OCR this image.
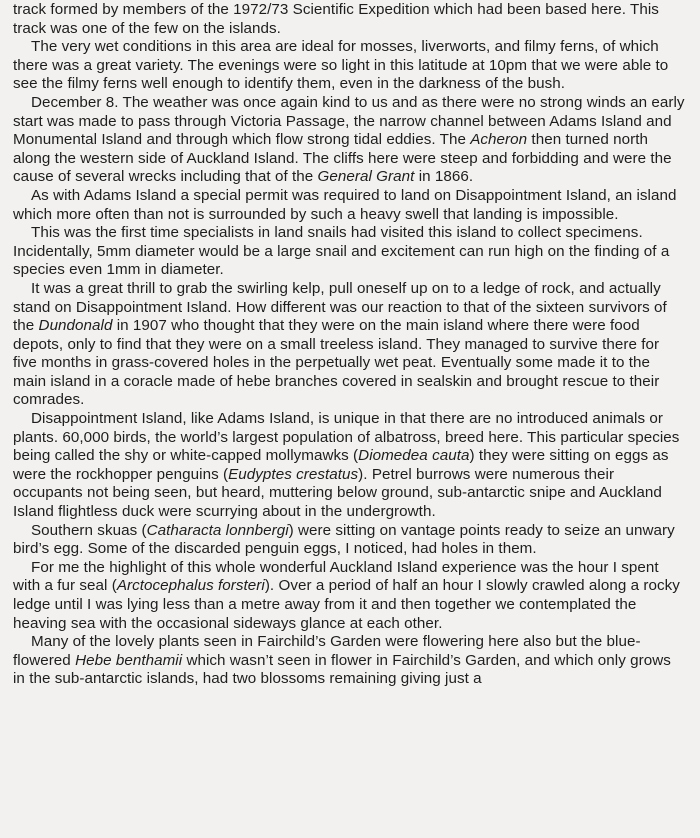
track formed by members of the 1972/73 Scientific Expedition which had been based here. This track was one of the few on the islands.

The very wet conditions in this area are ideal for mosses, liverworts, and filmy ferns, of which there was a great variety. The evenings were so light in this latitude at 10pm that we were able to see the filmy ferns well enough to identify them, even in the darkness of the bush.

December 8. The weather was once again kind to us and as there were no strong winds an early start was made to pass through Victoria Passage, the narrow channel between Adams Island and Monumental Island and through which flow strong tidal eddies. The Acheron then turned north along the western side of Auckland Island. The cliffs here were steep and forbidding and were the cause of several wrecks including that of the General Grant in 1866.

As with Adams Island a special permit was required to land on Disappointment Island, an island which more often than not is surrounded by such a heavy swell that landing is impossible.

This was the first time specialists in land snails had visited this island to collect specimens. Incidentally, 5mm diameter would be a large snail and excitement can run high on the finding of a species even 1mm in diameter.

It was a great thrill to grab the swirling kelp, pull oneself up on to a ledge of rock, and actually stand on Disappointment Island. How different was our reaction to that of the sixteen survivors of the Dundonald in 1907 who thought that they were on the main island where there were food depots, only to find that they were on a small treeless island. They managed to survive there for five months in grass-covered holes in the perpetually wet peat. Eventually some made it to the main island in a coracle made of hebe branches covered in sealskin and brought rescue to their comrades.

Disappointment Island, like Adams Island, is unique in that there are no introduced animals or plants. 60,000 birds, the world’s largest population of albatross, breed here. This particular species being called the shy or white-capped mollymawks (Diomedea cauta) they were sitting on eggs as were the rockhopper penguins (Eudyptes crestatus). Petrel burrows were numerous their occupants not being seen, but heard, muttering below ground, sub-antarctic snipe and Auckland Island flightless duck were scurrying about in the undergrowth.

Southern skuas (Catharacta lonnbergi) were sitting on vantage points ready to seize an unwary bird’s egg. Some of the discarded penguin eggs, I noticed, had holes in them.

For me the highlight of this whole wonderful Auckland Island experience was the hour I spent with a fur seal (Arctocephalus forsteri). Over a period of half an hour I slowly crawled along a rocky ledge until I was lying less than a metre away from it and then together we contemplated the heaving sea with the occasional sideways glance at each other.

Many of the lovely plants seen in Fairchild’s Garden were flowering here also but the blue-flowered Hebe benthamii which wasn’t seen in flower in Fairchild’s Garden, and which only grows in the sub-antarctic islands, had two blossoms remaining giving just a
